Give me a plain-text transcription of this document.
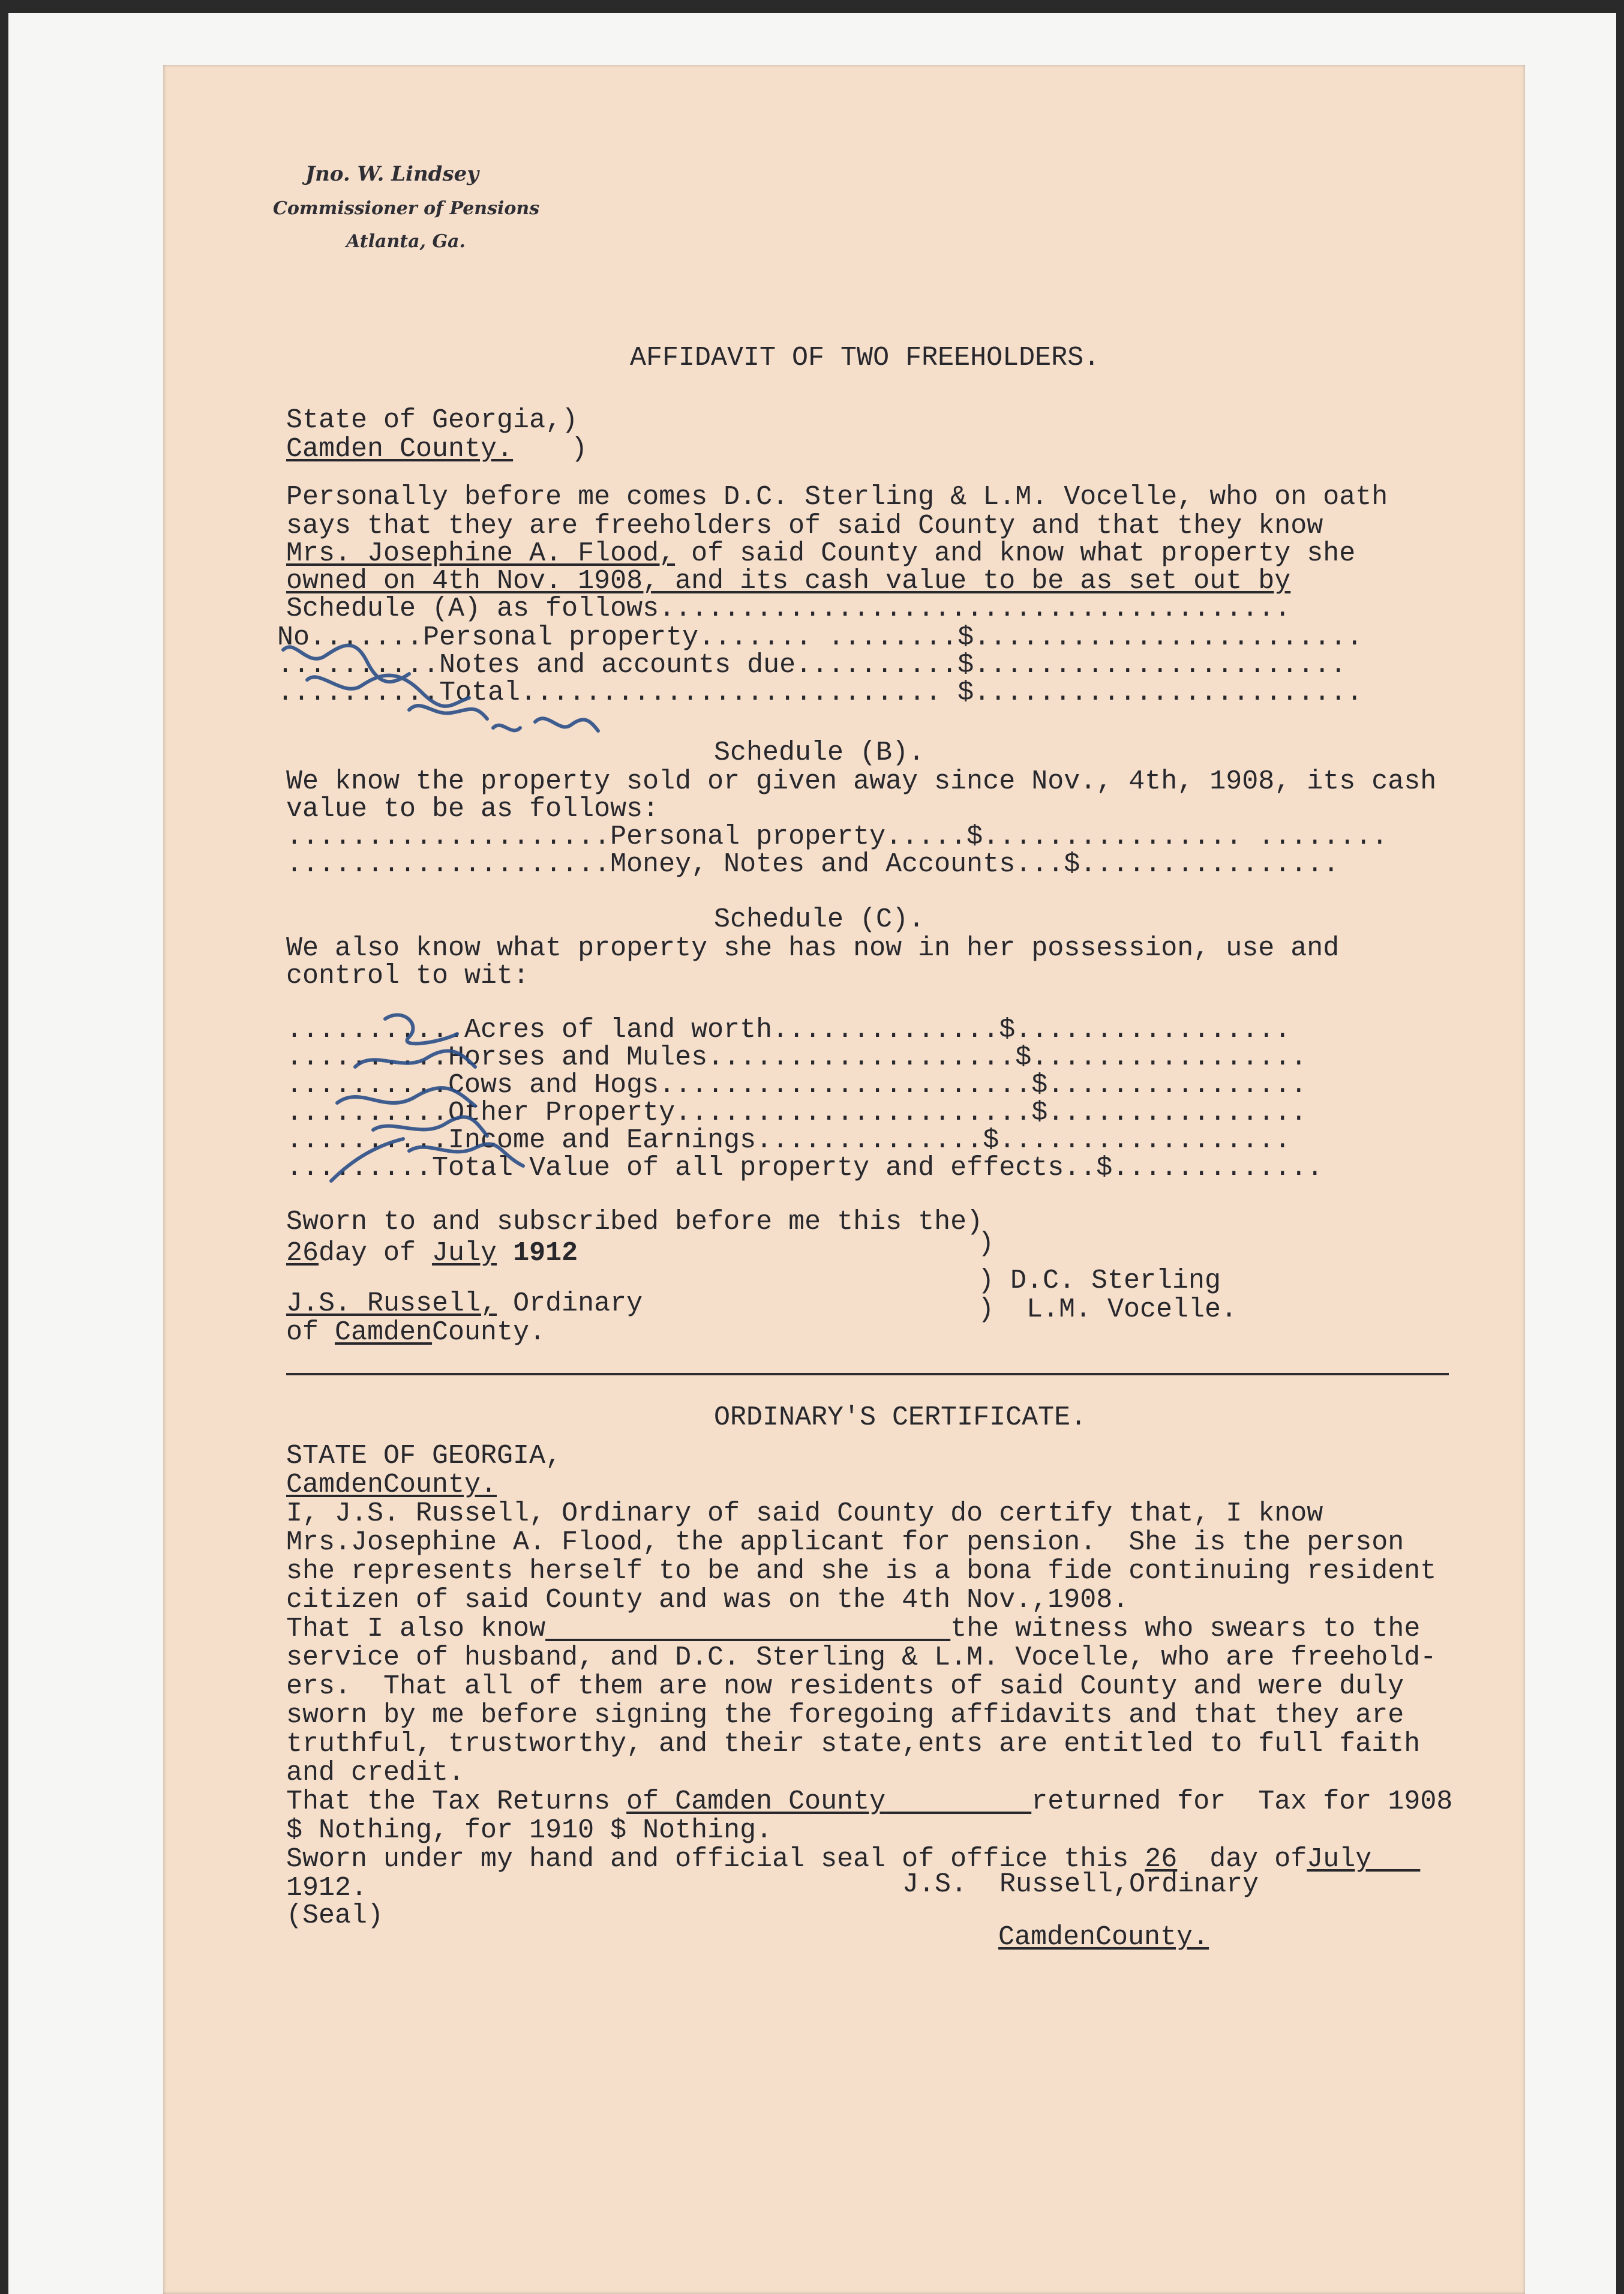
Jno. W. Lindsey
Commissioner of Pensions
Atlanta, Ga.
AFFIDAVIT OF TWO FREEHOLDERS.
State of Georgia,)
Camden County. )
Personally before me comes D.C. Sterling & L.M. Vocelle, who on oath
says that they are freeholders of said County and that they know
Mrs. Josephine A. Flood, of said County and know what property she
owned on 4th Nov. 1908, and its cash value to be as set out by
Schedule (A) as follows.......................................
No.......Personal property....... ........$........................
..........Notes and accounts due..........$.......................
..........Total.......................... $........................
Schedule (B).
We know the property sold or given away since Nov., 4th, 1908, its cash
value to be as follows:
....................Personal property.....$................ ........
....................Money, Notes and Accounts...$................
Schedule (C).
We also know what property she has now in her possession, use and
control to wit:
...........Acres of land worth..............$.................
..........Horses and Mules...................$.................
..........Cows and Hogs.......................$................
..........Other Property......................$................
..........Income and Earnings..............$..................
.........Total Value of all property and effects..$.............
Sworn to and subscribed before me this the)
26day of July 1912	)
) D.C. Sterling
)  L.M. Vocelle.
J.S. Russell, Ordinary
of CamdenCounty.
ORDINARY'S CERTIFICATE.
STATE OF GEORGIA,
CamdenCounty.
I, J.S. Russell, Ordinary of said County do certify that, I know
Mrs.Josephine A. Flood, the applicant for pension.  She is the person
she represents herself to be and she is a bona fide continuing resident
citizen of said County and was on the 4th Nov.,1908.
That I also know	the witness who swears to the
service of husband, and D.C. Sterling & L.M. Vocelle, who are freehold-
ers.  That all of them are now residents of said County and were duly
sworn by me before signing the foregoing affidavits and that they are
truthful, trustworthy, and their state,ents are entitled to full faith
and credit.
That the Tax Returns of Camden County	returned for  Tax for 1908
$ Nothing, for 1910 $ Nothing.
Sworn under my hand and official seal of office this 26  day ofJuly
1912.
(Seal)
J.S.  Russell,Ordinary
CamdenCounty.
